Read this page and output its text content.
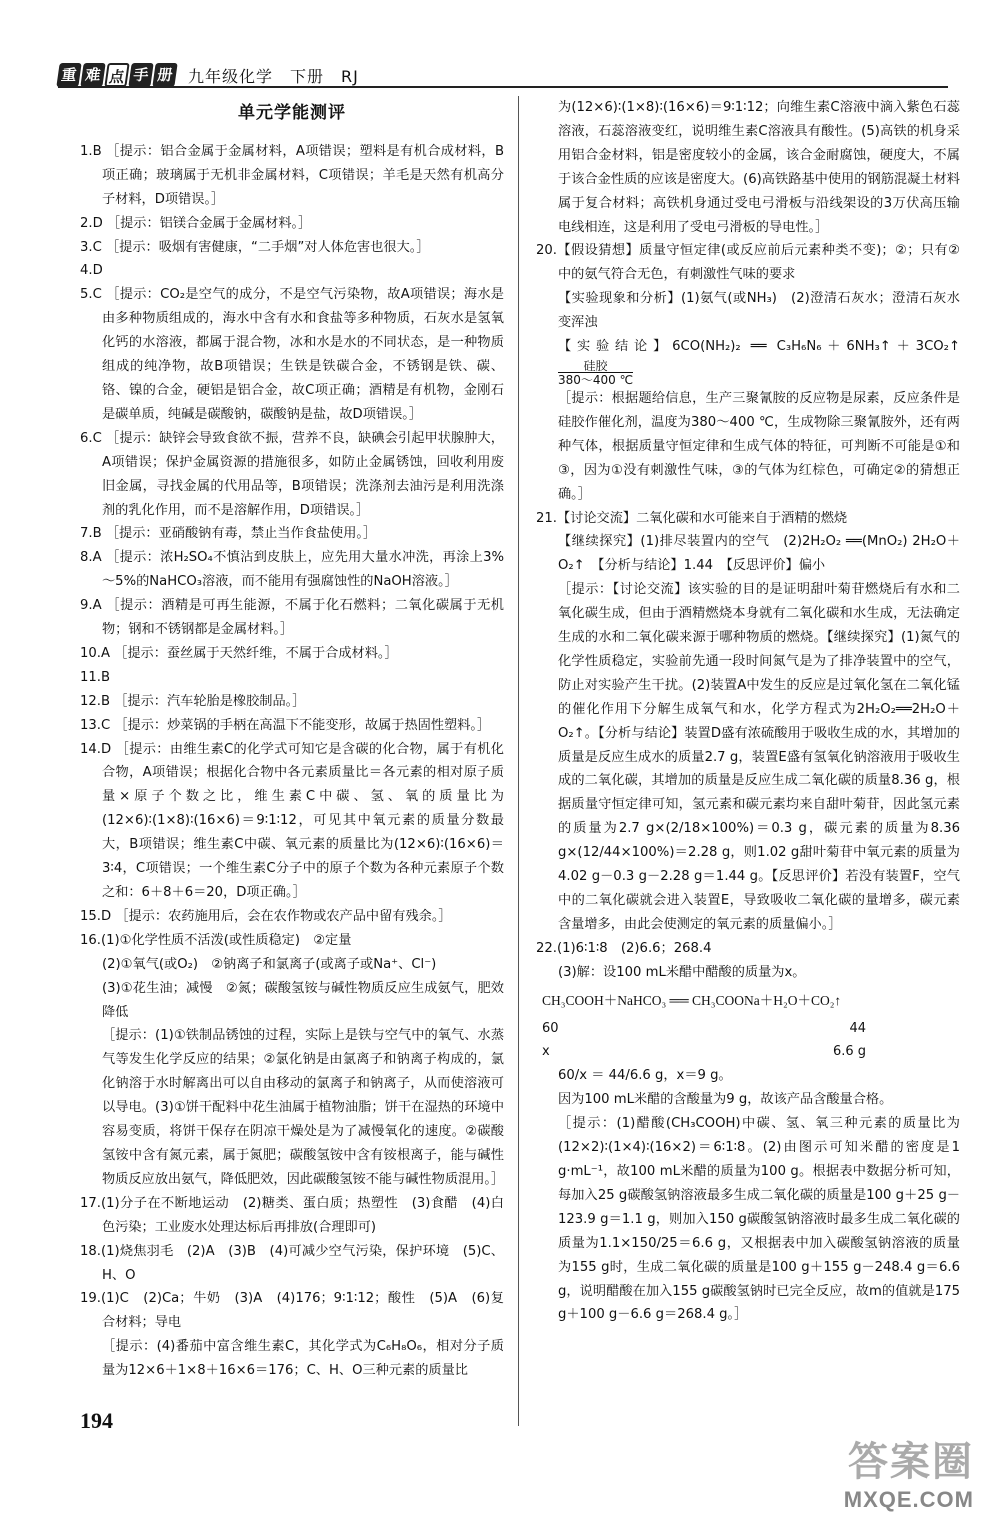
重 难 点 手 册 九年级化学　下册　RJ
单元学能测评

1.B ［提示：铝合金属于金属材料，A项错误；塑料是有机合成材料，B项正确；玻璃属于无机非金属材料，C项错误；羊毛是天然有机高分子材料，D项错误。］

2.D ［提示：铝镁合金属于金属材料。］

3.C ［提示：吸烟有害健康，“二手烟”对人体危害也很大。］

4.D

5.C ［提示：CO₂是空气的成分，不是空气污染物，故A项错误；海水是由多种物质组成的，海水中含有水和食盐等多种物质，石灰水是氢氧化钙的水溶液，都属于混合物，冰和水是水的不同状态，是一种物质组成的纯净物，故B项错误；生铁是铁碳合金，不锈钢是铁、碳、铬、镍的合金，硬铝是铝合金，故C项正确；酒精是有机物，金刚石是碳单质，纯碱是碳酸钠，碳酸钠是盐，故D项错误。］

6.C ［提示：缺锌会导致食欲不振，营养不良，缺碘会引起甲状腺肿大，A项错误；保护金属资源的措施很多，如防止金属锈蚀，回收利用废旧金属，寻找金属的代用品等，B项错误；洗涤剂去油污是利用洗涤剂的乳化作用，而不是溶解作用，D项错误。］

7.B ［提示：亚硝酸钠有毒，禁止当作食盐使用。］

8.A ［提示：浓H₂SO₄不慎沾到皮肤上，应先用大量水冲洗，再涂上3%～5%的NaHCO₃溶液，而不能用有强腐蚀性的NaOH溶液。］

9.A ［提示：酒精是可再生能源，不属于化石燃料；二氧化碳属于无机物；钢和不锈钢都是金属材料。］

10.A ［提示：蚕丝属于天然纤维，不属于合成材料。］

11.B

12.B ［提示：汽车轮胎是橡胶制品。］

13.C ［提示：炒菜锅的手柄在高温下不能变形，故属于热固性塑料。］

14.D ［提示：由维生素C的化学式可知它是含碳的化合物，属于有机化合物，A项错误；根据化合物中各元素质量比＝各元素的相对原子质量×原子个数之比，维生素C中碳、氢、氧的质量比为(12×6)∶(1×8)∶(16×6)＝9∶1∶12，可见其中氧元素的质量分数最大，B项错误；维生素C中碳、氧元素的质量比为(12×6)∶(16×6)＝3∶4，C项错误；一个维生素C分子中的原子个数为各种元素原子个数之和：6＋8＋6＝20，D项正确。］

15.D ［提示：农药施用后，会在农作物或农产品中留有残余。］

16.(1)①化学性质不活泼(或性质稳定)　②定量

(2)①氧气(或O₂)　②钠离子和氯离子(或离子或Na⁺、Cl⁻)

(3)①花生油；减慢　②氮；碳酸氢铵与碱性物质反应生成氨气，肥效降低

［提示：(1)①铁制品锈蚀的过程，实际上是铁与空气中的氧气、水蒸气等发生化学反应的结果；②氯化钠是由氯离子和钠离子构成的，氯化钠溶于水时解离出可以自由移动的氯离子和钠离子，从而使溶液可以导电。(3)①饼干配料中花生油属于植物油脂；饼干在湿热的环境中容易变质，将饼干保存在阴凉干燥处是为了减慢氧化的速度。②碳酸氢铵中含有氮元素，属于氮肥；碳酸氢铵中含有铵根离子，能与碱性物质反应放出氨气，降低肥效，因此碳酸氢铵不能与碱性物质混用。］

17.(1)分子在不断地运动　(2)糖类、蛋白质；热塑性　(3)食醋　(4)白色污染；工业废水处理达标后再排放(合理即可)

18.(1)烧焦羽毛　(2)A　(3)B　(4)可减少空气污染，保护环境　(5)C、H、O

19.(1)C　(2)Ca；牛奶　(3)A　(4)176；9∶1∶12；酸性　(5)A　(6)复合材料；导电

［提示：(4)番茄中富含维生素C，其化学式为C₆H₈O₆，相对分子质量为12×6＋1×8＋16×6＝176；C、H、O三种元素的质量比

为(12×6)∶(1×8)∶(16×6)＝9∶1∶12；向维生素C溶液中滴入紫色石蕊溶液，石蕊溶液变红，说明维生素C溶液具有酸性。(5)高铁的机身采用铝合金材料，铝是密度较小的金属，该合金耐腐蚀，硬度大，不属于该合金性质的应该是密度大。(6)高铁路基中使用的钢筋混凝土材料属于复合材料；高铁机身通过受电弓滑板与沿线架设的3万伏高压输电线相连，这是利用了受电弓滑板的导电性。］

20.【假设猜想】质量守恒定律(或反应前后元素种类不变)；②；只有②中的氨气符合无色，有刺激性气味的要求

【实验现象和分析】(1)氨气(或NH₃)　(2)澄清石灰水；澄清石灰水变浑浊

【实验结论】6CO(NH₂)₂ ══ C₃H₆N₆＋6NH₃↑＋3CO₂↑ $\frac{\text{硅胶}}{380\sim 400 ℃}$

［提示：根据题给信息，生产三聚氰胺的反应物是尿素，反应条件是硅胶作催化剂，温度为380～400 ℃，生成物除三聚氰胺外，还有两种气体，根据质量守恒定律和生成气体的特征，可判断不可能是①和③，因为①没有刺激性气味，③的气体为红棕色，可确定②的猜想正确。］

21.【讨论交流】二氧化碳和水可能来自于酒精的燃烧

【继续探究】(1)排尽装置内的空气　(2)2H₂O₂ ══(MnO₂) 2H₂O＋O₂↑　【分析与结论】1.44　【反思评价】偏小

［提示：【讨论交流】该实验的目的是证明甜叶菊苷燃烧后有水和二氧化碳生成，但由于酒精燃烧本身就有二氧化碳和水生成，无法确定生成的水和二氧化碳来源于哪种物质的燃烧。【继续探究】(1)氮气的化学性质稳定，实验前先通一段时间氮气是为了排净装置中的空气，防止对实验产生干扰。(2)装置A中发生的反应是过氧化氢在二氧化锰的催化作用下分解生成氧气和水，化学方程式为2H₂O₂══2H₂O＋O₂↑。【分析与结论】装置D盛有浓硫酸用于吸收生成的水，其增加的质量是反应生成水的质量2.7 g，装置E盛有氢氧化钠溶液用于吸收生成的二氧化碳，其增加的质量是反应生成二氧化碳的质量8.36 g，根据质量守恒定律可知，氢元素和碳元素均来自甜叶菊苷，因此氢元素的质量为2.7 g×(2/18×100%)＝0.3 g，碳元素的质量为8.36 g×(12/44×100%)＝2.28 g，则1.02 g甜叶菊苷中氧元素的质量为4.02 g－0.3 g－2.28 g＝1.44 g。【反思评价】若没有装置F，空气中的二氧化碳就会进入装置E，导致吸收二氧化碳的量增多，碳元素含量增多，由此会使测定的氧元素的质量偏小。］

22.(1)6∶1∶8　(2)6.6；268.4

(3)解：设100 mL米醋中醋酸的质量为x。

CH₃COOH＋NaHCO₃ ══ CH₃COONa＋H₂O＋CO₂↑

60	44
x	6.6 g

60/x ＝ 44/6.6 g，x＝9 g。

因为100 mL米醋的含酸量为9 g，故该产品含酸量合格。

［提示：(1)醋酸(CH₃COOH)中碳、氢、氧三种元素的质量比为(12×2)∶(1×4)∶(16×2)＝6∶1∶8。(2)由图示可知米醋的密度是1 g·mL⁻¹，故100 mL米醋的质量为100 g。根据表中数据分析可知，每加入25 g碳酸氢钠溶液最多生成二氧化碳的质量是100 g＋25 g－123.9 g＝1.1 g，则加入150 g碳酸氢钠溶液时最多生成二氧化碳的质量为1.1×150/25＝6.6 g，又根据表中加入碳酸氢钠溶液的质量为155 g时，生成二氧化碳的质量是100 g＋155 g－248.4 g＝6.6 g，说明醋酸在加入155 g碳酸氢钠时已完全反应，故m的值就是175 g＋100 g－6.6 g＝268.4 g。］

194
答案圈
MXQE.COM
